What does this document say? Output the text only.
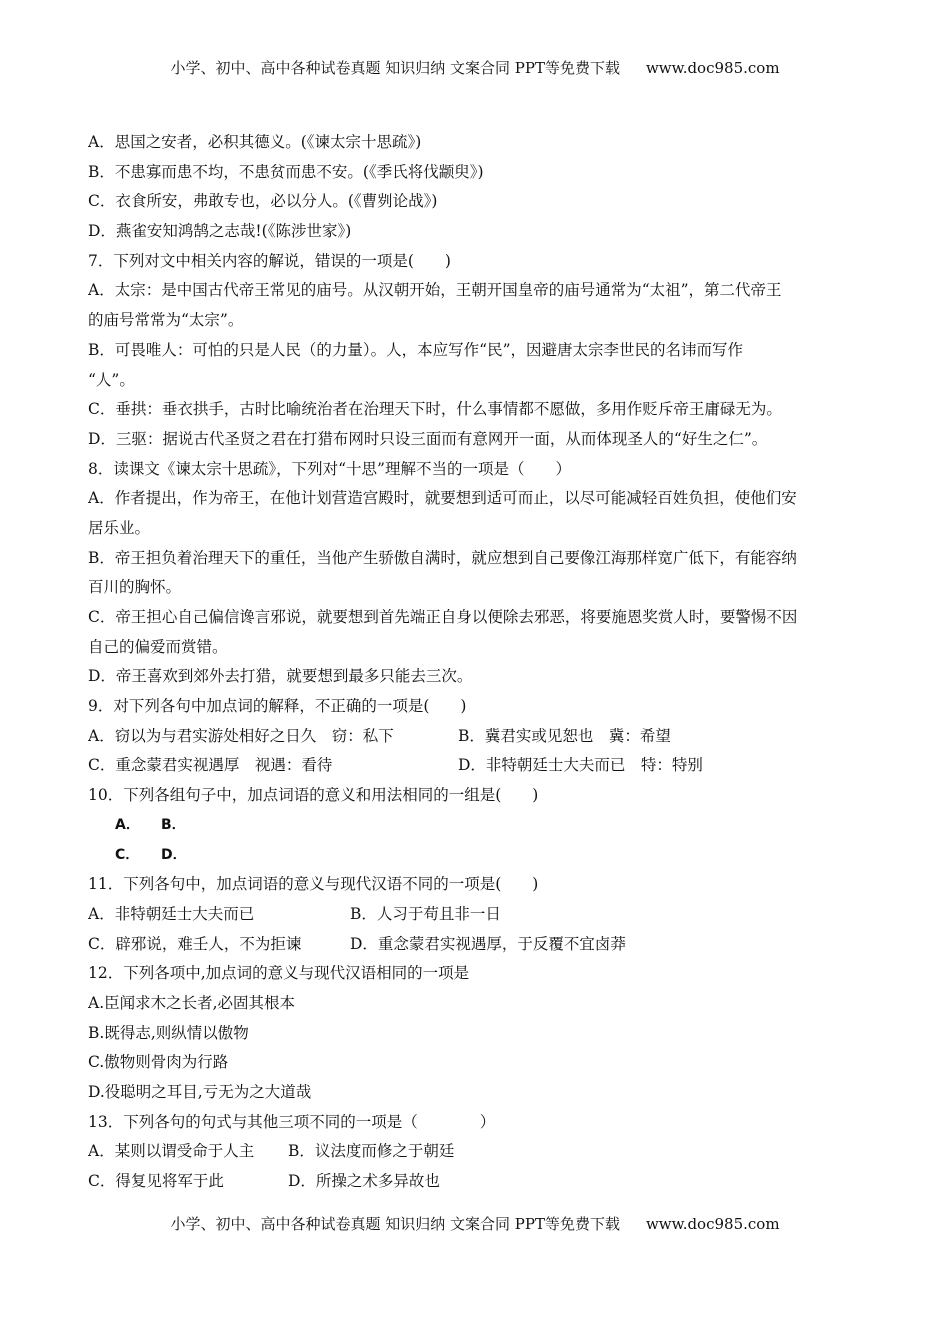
小学、初中、高中各种试卷真题 知识归纳 文案合同 PPT等免费下载 www.doc985.com
A．思国之安者，必积其德义。(《谏太宗十思疏》)
B．不患寡而患不均，不患贫而患不安。(《季氏将伐颛臾》)
C．衣食所安，弗敢专也，必以分人。(《曹刿论战》)
D．燕雀安知鸿鹄之志哉!(《陈涉世家》)
7．下列对文中相关内容的解说，错误的一项是(　　)
A．太宗：是中国古代帝王常见的庙号。从汉朝开始，王朝开国皇帝的庙号通常为“太祖”，第二代帝王
的庙号常常为“太宗”。
B．可畏唯人：可怕的只是人民（的力量）。人，本应写作“民”，因避唐太宗李世民的名讳而写作
“人”。
C．垂拱：垂衣拱手，古时比喻统治者在治理天下时，什么事情都不愿做，多用作贬斥帝王庸碌无为。
D．三驱：据说古代圣贤之君在打猎布网时只设三面而有意网开一面，从而体现圣人的“好生之仁”。
8．读课文《谏太宗十思疏》，下列对“十思”理解不当的一项是（　　）
A．作者提出，作为帝王，在他计划营造宫殿时，就要想到适可而止，以尽可能减轻百姓负担，使他们安
居乐业。
B．帝王担负着治理天下的重任，当他产生骄傲自满时，就应想到自己要像江海那样宽广低下，有能容纳
百川的胸怀。
C．帝王担心自己偏信谗言邪说，就要想到首先端正自身以便除去邪恶，将要施恩奖赏人时，要警惕不因
自己的偏爱而赏错。
D．帝王喜欢到郊外去打猎，就要想到最多只能去三次。
9．对下列各句中加点词的解释，不正确的一项是(　　)
A．窃以为与君实游处相好之日久　窃：私下	B．冀君实或见恕也　冀：希望
C．重念蒙君实视遇厚　视遇：看待	D．非特朝廷士大夫而已　特：特别
10．下列各组句子中，加点词语的意义和用法相同的一组是(　　)
A． B．
C． D．
11．下列各句中，加点词语的意义与现代汉语不同的一项是(　　)
A．非特朝廷士大夫而已	B．人习于苟且非一日
C．辟邪说，难壬人，不为拒谏	D．重念蒙君实视遇厚，于反覆不宜卤莽
12．下列各项中,加点词的意义与现代汉语相同的一项是
A.臣闻求木之长者,必固其根本
B.既得志,则纵情以傲物
C.傲物则骨肉为行路
D.役聪明之耳目,亏无为之大道哉
13．下列各句的句式与其他三项不同的一项是（　　　　）
A．某则以谓受命于人主 B．议法度而修之于朝廷
C．得复见将军于此	D．所操之术多异故也
小学、初中、高中各种试卷真题 知识归纳 文案合同 PPT等免费下载 www.doc985.com
